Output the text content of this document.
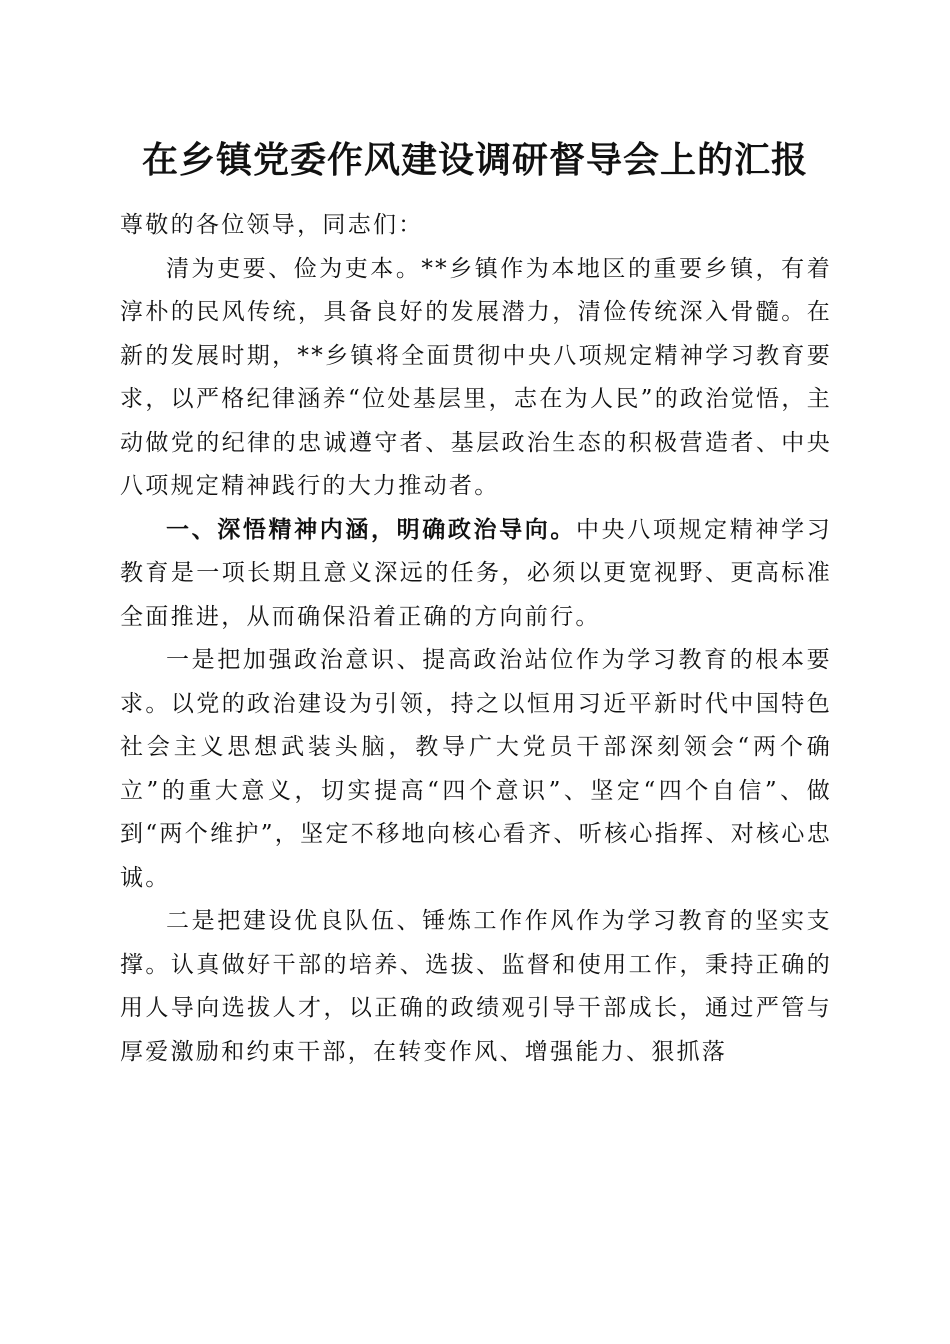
在乡镇党委作风建设调研督导会上的汇报

尊敬的各位领导，同志们：

清为吏要、俭为吏本。**乡镇作为本地区的重要乡镇，有着淳朴的民风传统，具备良好的发展潜力，清俭传统深入骨髓。在新的发展时期，**乡镇将全面贯彻中央八项规定精神学习教育要求，以严格纪律涵养“位处基层里，志在为人民”的政治觉悟，主动做党的纪律的忠诚遵守者、基层政治生态的积极营造者、中央八项规定精神践行的大力推动者。

一、深悟精神内涵，明确政治导向。中央八项规定精神学习教育是一项长期且意义深远的任务，必须以更宽视野、更高标准全面推进，从而确保沿着正确的方向前行。

一是把加强政治意识、提高政治站位作为学习教育的根本要求。以党的政治建设为引领，持之以恒用习近平新时代中国特色社会主义思想武装头脑，教导广大党员干部深刻领会“两个确立”的重大意义，切实提高“四个意识”、坚定“四个自信”、做到“两个维护”，坚定不移地向核心看齐、听核心指挥、对核心忠诚。

二是把建设优良队伍、锤炼工作作风作为学习教育的坚实支撑。认真做好干部的培养、选拔、监督和使用工作，秉持正确的用人导向选拔人才，以正确的政绩观引导干部成长，通过严管与厚爱激励和约束干部，在转变作风、增强能力、狠抓落
